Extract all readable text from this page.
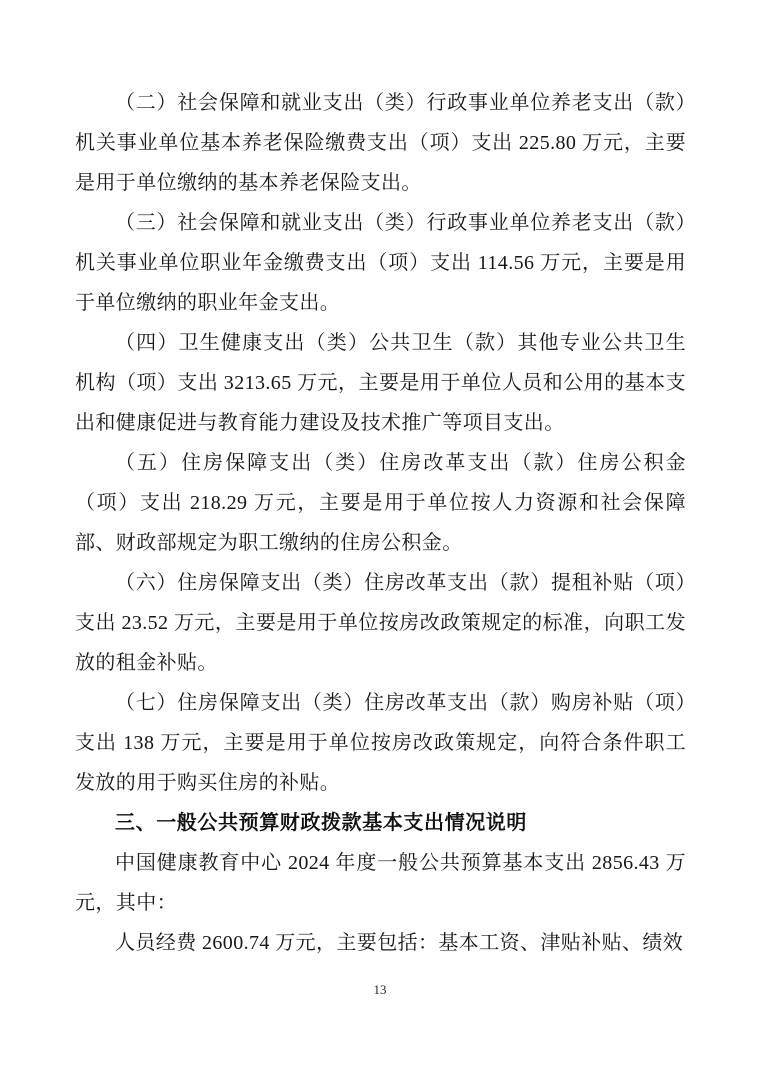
（二）社会保障和就业支出（类）行政事业单位养老支出（款）机关事业单位基本养老保险缴费支出（项）支出 225.80 万元，主要是用于单位缴纳的基本养老保险支出。

（三）社会保障和就业支出（类）行政事业单位养老支出（款）机关事业单位职业年金缴费支出（项）支出 114.56 万元，主要是用于单位缴纳的职业年金支出。

（四）卫生健康支出（类）公共卫生（款）其他专业公共卫生机构（项）支出 3213.65 万元，主要是用于单位人员和公用的基本支出和健康促进与教育能力建设及技术推广等项目支出。

（五）住房保障支出（类）住房改革支出（款）住房公积金（项）支出 218.29 万元，主要是用于单位按人力资源和社会保障部、财政部规定为职工缴纳的住房公积金。

（六）住房保障支出（类）住房改革支出（款）提租补贴（项）支出 23.52 万元，主要是用于单位按房改政策规定的标准，向职工发放的租金补贴。

（七）住房保障支出（类）住房改革支出（款）购房补贴（项）支出 138 万元，主要是用于单位按房改政策规定，向符合条件职工发放的用于购买住房的补贴。

三、一般公共预算财政拨款基本支出情况说明

中国健康教育中心 2024 年度一般公共预算基本支出 2856.43 万元，其中：

人员经费 2600.74 万元，主要包括：基本工资、津贴补贴、绩效

13
